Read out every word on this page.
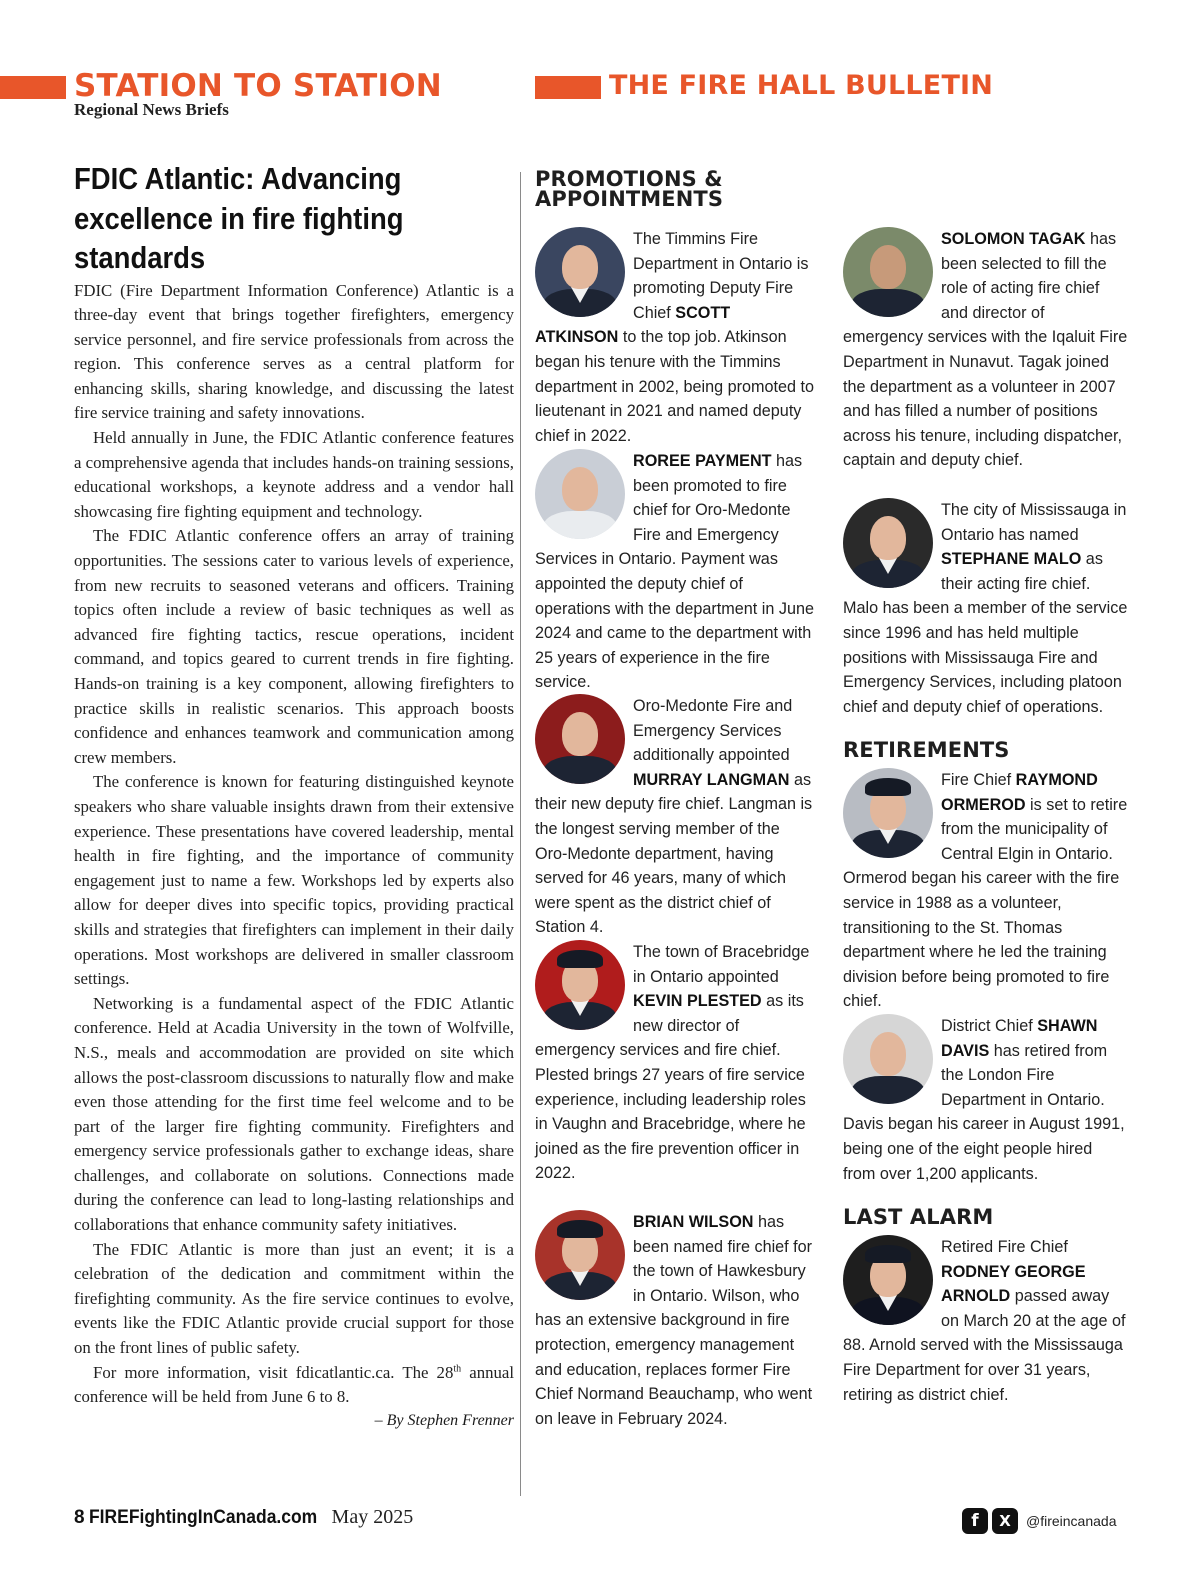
STATION TO STATION
Regional News Briefs
THE FIRE HALL BULLETIN
FDIC Atlantic: Advancing excellence in fire fighting standards

FDIC (Fire Department Information Conference) Atlantic is a three-day event that brings together firefighters, emergency service personnel, and fire service professionals from across the region. This conference serves as a central platform for enhancing skills, sharing knowledge, and discussing the latest fire service training and safety innovations.

Held annually in June, the FDIC Atlantic conference features a comprehensive agenda that includes hands-on training sessions, educational workshops, a keynote address and a vendor hall showcasing fire fighting equipment and technology.

The FDIC Atlantic conference offers an array of training opportunities. The sessions cater to various levels of experience, from new recruits to seasoned veterans and officers. Training topics often include a review of basic techniques as well as advanced fire fighting tactics, rescue operations, incident command, and topics geared to current trends in fire fighting. Hands-on training is a key component, allowing firefighters to practice skills in realistic scenarios. This approach boosts confidence and enhances teamwork and communication among crew members.

The conference is known for featuring distinguished keynote speakers who share valuable insights drawn from their extensive experience. These presentations have covered leadership, mental health in fire fighting, and the importance of community engagement just to name a few. Workshops led by experts also allow for deeper dives into specific topics, providing practical skills and strategies that firefighters can implement in their daily operations. Most workshops are delivered in smaller classroom settings.

Networking is a fundamental aspect of the FDIC Atlantic conference. Held at Acadia University in the town of Wolfville, N.S., meals and accommodation are provided on site which allows the post-classroom discussions to naturally flow and make even those attending for the first time feel welcome and to be part of the larger fire fighting community. Firefighters and emergency service professionals gather to exchange ideas, share challenges, and collaborate on solutions. Connections made during the conference can lead to long-lasting relationships and collaborations that enhance community safety initiatives.

The FDIC Atlantic is more than just an event; it is a celebration of the dedication and commitment within the firefighting community. As the fire service continues to evolve, events like the FDIC Atlantic provide crucial support for those on the front lines of public safety.

For more information, visit fdicatlantic.ca. The 28th annual conference will be held from June 6 to 8.

– By Stephen Frenner
PROMOTIONS & APPOINTMENTS
The Timmins Fire Department in Ontario is promoting Deputy Fire Chief SCOTT ATKINSON to the top job. Atkinson began his tenure with the Timmins department in 2002, being promoted to lieutenant in 2021 and named deputy chief in 2022.
ROREE PAYMENT has been promoted to fire chief for Oro-Medonte Fire and Emergency Services in Ontario. Payment was appointed the deputy chief of operations with the department in June 2024 and came to the department with 25 years of experience in the fire service.
Oro-Medonte Fire and Emergency Services additionally appointed MURRAY LANGMAN as their new deputy fire chief. Langman is the longest serving member of the Oro-Medonte department, having served for 46 years, many of which were spent as the district chief of Station 4.
The town of Bracebridge in Ontario appointed KEVIN PLESTED as its new director of emergency services and fire chief. Plested brings 27 years of fire service experience, including leadership roles in Vaughn and Bracebridge, where he joined as the fire prevention officer in 2022.
BRIAN WILSON has been named fire chief for the town of Hawkesbury in Ontario. Wilson, who has an extensive background in fire protection, emergency management and education, replaces former Fire Chief Normand Beauchamp, who went on leave in February 2024.
SOLOMON TAGAK has been selected to fill the role of acting fire chief and director of emergency services with the Iqaluit Fire Department in Nunavut. Tagak joined the department as a volunteer in 2007 and has filled a number of positions across his tenure, including dispatcher, captain and deputy chief.
The city of Mississauga in Ontario has named STEPHANE MALO as their acting fire chief. Malo has been a member of the service since 1996 and has held multiple positions with Mississauga Fire and Emergency Services, including platoon chief and deputy chief of operations.
RETIREMENTS
Fire Chief RAYMOND ORMEROD is set to retire from the municipality of Central Elgin in Ontario. Ormerod began his career with the fire service in 1988 as a volunteer, transitioning to the St. Thomas department where he led the training division before being promoted to fire chief.
District Chief SHAWN DAVIS has retired from the London Fire Department in Ontario. Davis began his career in August 1991, being one of the eight people hired from over 1,200 applicants.
LAST ALARM
Retired Fire Chief RODNEY GEORGE ARNOLD passed away on March 20 at the age of 88. Arnold served with the Mississauga Fire Department for over 31 years, retiring as district chief.
8 FIREFightingInCanada.com May 2025	f	X	@fireincanada
